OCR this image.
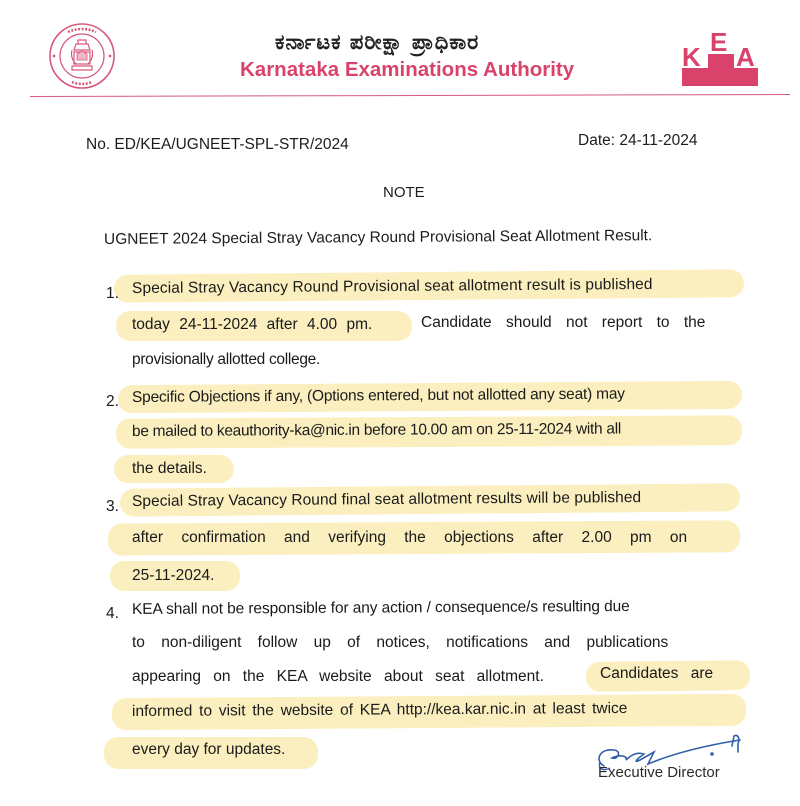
ಕರ್ನಾಟಕ ಪರೀಕ್ಷಾ ಪ್ರಾಧಿಕಾರ
Karnataka Examinations Authority	K E A
No. ED/KEA/UGNEET-SPL-STR/2024	Date: 24-11-2024
NOTE
UGNEET 2024 Special Stray Vacancy Round Provisional Seat Allotment Result.
1. Special Stray Vacancy Round Provisional seat allotment result is published
today 24-11-2024 after 4.00 pm.	Candidate should not report to the
provisionally allotted college.
2. Specific Objections if any, (Options entered, but not allotted any seat) may
be mailed to keauthority-ka@nic.in before 10.00 am on 25-11-2024 with all
the details.
3. Special Stray Vacancy Round final seat allotment results will be published
after confirmation and verifying the objections after 2.00 pm on
25-11-2024.
4. KEA shall not be responsible for any action / consequence/s resulting due
to non-diligent follow up of notices, notifications and publications
appearing on the KEA website about seat allotment.	Candidates are
informed to visit the website of KEA http://kea.kar.nic.in at least twice
every day for updates.
Executive Director
